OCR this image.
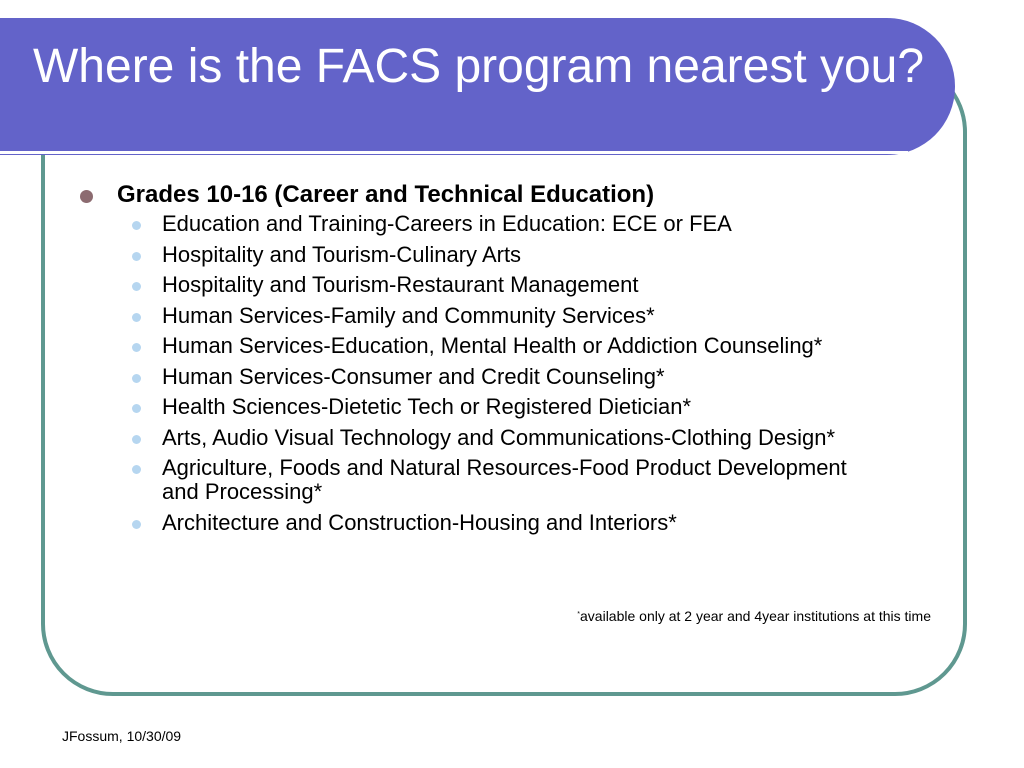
Where is the FACS program nearest you?
Grades 10-16 (Career and Technical Education)
Education and Training-Careers in Education: ECE or FEA
Hospitality and Tourism-Culinary Arts
Hospitality and Tourism-Restaurant Management
Human Services-Family and Community Services*
Human Services-Education, Mental Health or Addiction Counseling*
Human Services-Consumer and Credit Counseling*
Health Sciences-Dietetic Tech or Registered Dietician*
Arts, Audio Visual Technology and Communications-Clothing Design*
Agriculture, Foods and Natural Resources-Food Product Development and Processing*
Architecture and Construction-Housing and Interiors*
*available only at 2 year and 4year institutions at this time
JFossum, 10/30/09
